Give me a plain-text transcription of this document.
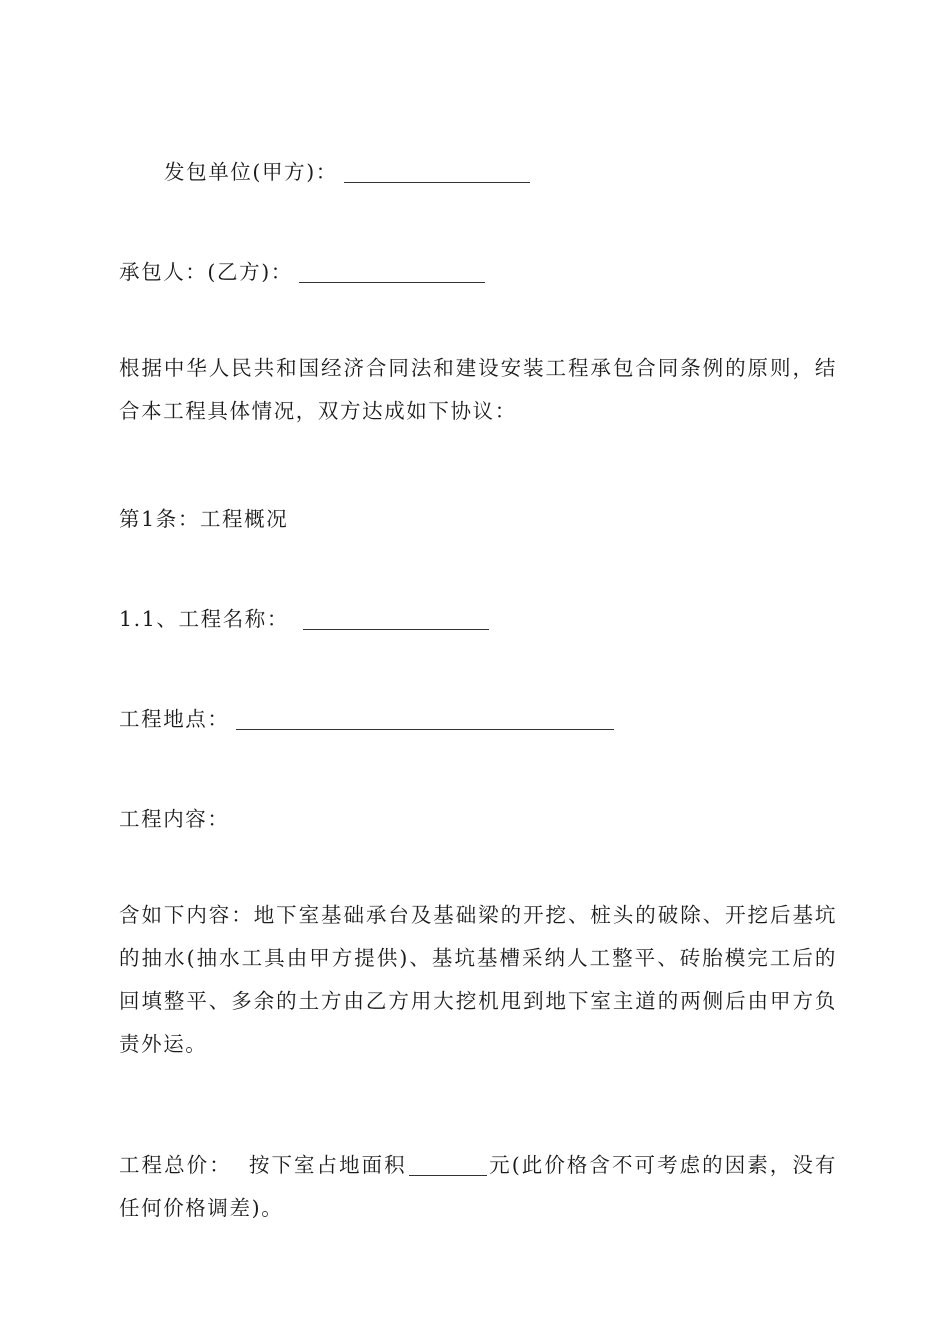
发包单位(甲方)：
承包人：(乙方)：
根据中华人民共和国经济合同法和建设安装工程承包合同条例的原则，结合本工程具体情况，双方达成如下协议：
第1条：工程概况
1.1、工程名称：
工程地点：
工程内容：
含如下内容：地下室基础承台及基础梁的开挖、桩头的破除、开挖后基坑的抽水(抽水工具由甲方提供)、基坑基槽采纳人工整平、砖胎模完工后的回填整平、多余的土方由乙方用大挖机甩到地下室主道的两侧后由甲方负责外运。
工程总价： 按下室占地面积	元(此价格含不可考虑的因素，没有任何价格调差)。
